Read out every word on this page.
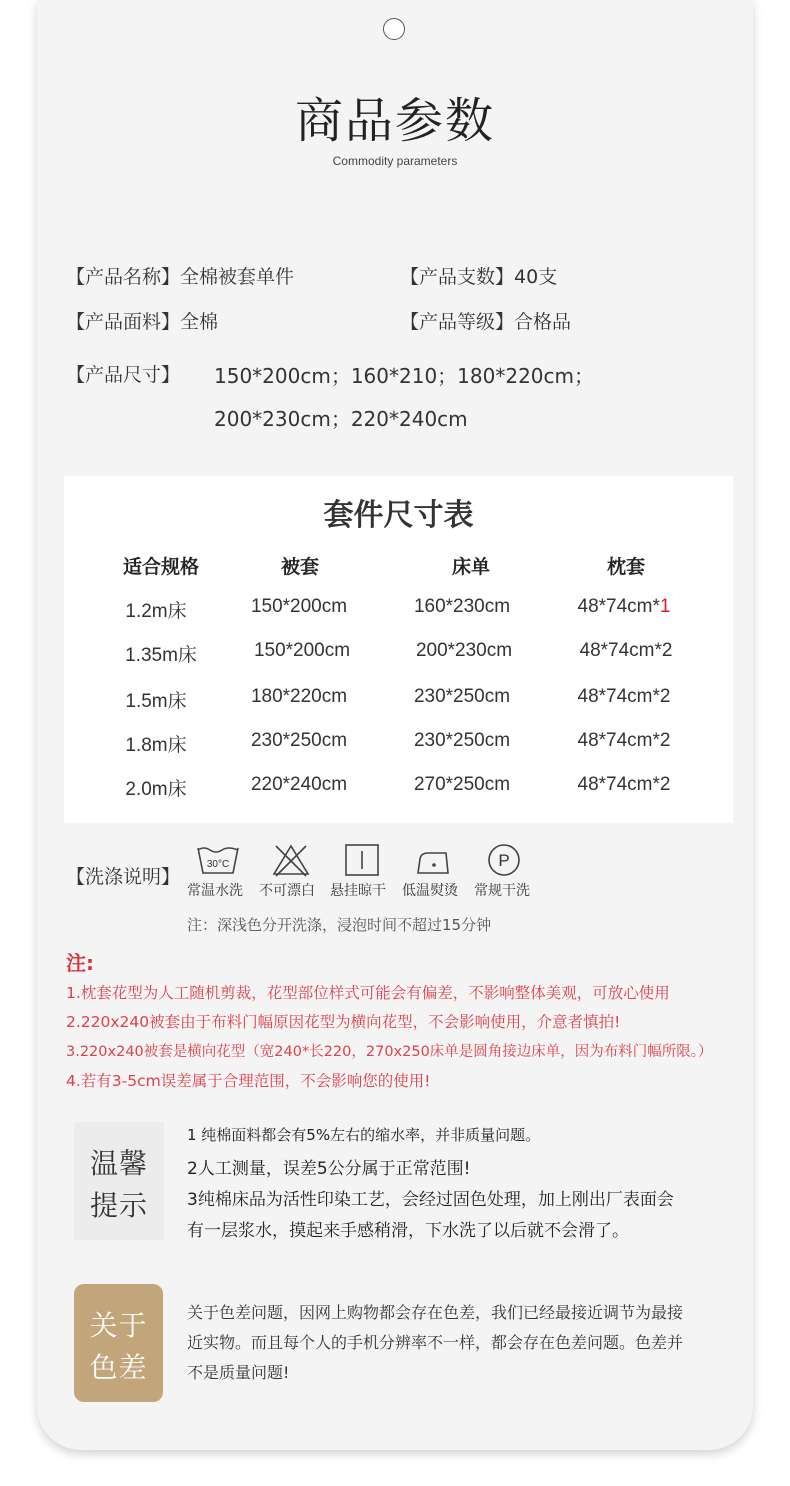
商品参数
Commodity parameters
【产品名称】全棉被套单件	【产品支数】40支
【产品面料】全棉	【产品等级】合格品
【产品尺寸】 150*200cm；160*210；180*220cm；
200*230cm；220*240cm
套件尺寸表
适合规格	被套	床单	枕套
1.2m床	150*200cm	160*230cm	48*74cm*1
1.35m床	150*200cm	200*230cm	48*74cm*2
1.5m床	180*220cm	230*250cm	48*74cm*2
1.8m床	230*250cm	230*250cm	48*74cm*2
2.0m床	220*240cm	270*250cm	48*74cm*2
【洗涤说明】
30°C
常温水洗 不可漂白 悬挂晾干 低温熨烫
P
常规干洗
注：深浅色分开洗涤，浸泡时间不超过15分钟
注:
1.枕套花型为人工随机剪裁，花型部位样式可能会有偏差，不影响整体美观，可放心使用
2.220x240被套由于布料门幅原因花型为横向花型，不会影响使用，介意者慎拍!
3.220x240被套是横向花型（宽240*长220，270x250床单是圆角接边床单，因为布料门幅所限。）
4.若有3-5cm误差属于合理范围，不会影响您的使用!
温馨
提示
1 纯棉面料都会有5%左右的缩水率，并非质量问题。
2人工测量，误差5公分属于正常范围!
3纯棉床品为活性印染工艺，会经过固色处理，加上刚出厂表面会
有一层浆水，摸起来手感稍滑，下水洗了以后就不会滑了。
关于
色差
关于色差问题，因网上购物都会存在色差，我们已经最接近调节为最接
近实物。而且每个人的手机分辨率不一样，都会存在色差问题。色差并
不是质量问题!
